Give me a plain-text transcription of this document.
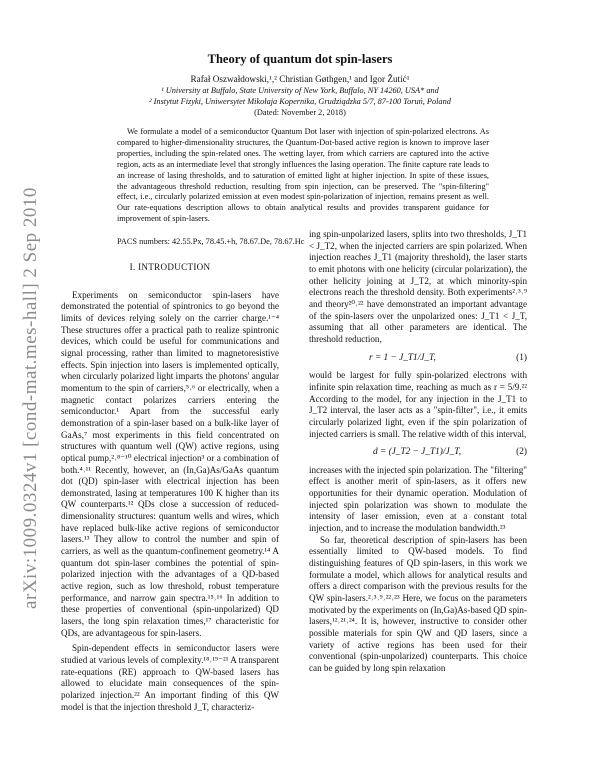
arXiv:1009.0324v1 [cond-mat.mes-hall] 2 Sep 2010
Theory of quantum dot spin-lasers
Rafał Oszwałdowski,¹,² Christian Gøthgen,¹ and Igor Žutić¹
¹ University at Buffalo, State University of New York, Buffalo, NY 14260, USA* and
² Instytut Fizyki, Uniwersytet Mikołaja Kopernika, Grudziądzka 5/7, 87-100 Toruń, Poland
(Dated: November 2, 2018)
We formulate a model of a semiconductor Quantum Dot laser with injection of spin-polarized electrons. As compared to higher-dimensionality structures, the Quantum-Dot-based active region is known to improve laser properties, including the spin-related ones. The wetting layer, from which carriers are captured into the active region, acts as an intermediate level that strongly influences the lasing operation. The finite capture rate leads to an increase of lasing thresholds, and to saturation of emitted light at higher injection. In spite of these issues, the advantageous threshold reduction, resulting from spin injection, can be preserved. The "spin-filtering" effect, i.e., circularly polarized emission at even modest spin-polarization of injection, remains present as well. Our rate-equations description allows to obtain analytical results and provides transparent guidance for improvement of spin-lasers.
PACS numbers: 42.55.Px, 78.45.+h, 78.67.De, 78.67.Hc
I. INTRODUCTION

Experiments on semiconductor spin-lasers have demonstrated the potential of spintronics to go beyond the limits of devices relying solely on the carrier charge.¹⁻⁴ These structures offer a practical path to realize spintronic devices, which could be useful for communications and signal processing, rather than limited to magnetoresistive effects. Spin injection into lasers is implemented optically, when circularly polarized light imparts the photons' angular momentum to the spin of carriers,⁵˒⁶ or electrically, when a magnetic contact polarizes carriers entering the semiconductor.¹ Apart from the successful early demonstration of a spin-laser based on a bulk-like layer of GaAs,⁷ most experiments in this field concentrated on structures with quantum well (QW) active regions, using optical pump,²˒⁸⁻¹⁰ electrical injection³ or a combination of both.⁴˒¹¹ Recently, however, an (In,Ga)As/GaAs quantum dot (QD) spin-laser with electrical injection has been demonstrated, lasing at temperatures 100 K higher than its QW counterparts.¹² QDs close a succession of reduced-dimensionality structures: quantum wells and wires, which have replaced bulk-like active regions of semiconductor lasers.¹³ They allow to control the number and spin of carriers, as well as the quantum-confinement geometry.¹⁴ A quantum dot spin-laser combines the potential of spin-polarized injection with the advantages of a QD-based active region, such as low threshold, robust temperature performance, and narrow gain spectra.¹⁵˒¹⁶ In addition to these properties of conventional (spin-unpolarized) QD lasers, the long spin relaxation times,¹⁷ characteristic for QDs, are advantageous for spin-lasers.

Spin-dependent effects in semiconductor lasers were studied at various levels of complexity.¹⁸˒¹⁹⁻²¹ A transparent rate-equations (RE) approach to QW-based lasers has allowed to elucidate main consequences of the spin-polarized injection.²² An important finding of this QW model is that the injection threshold J_T, characteriz-

ing spin-unpolarized lasers, splits into two thresholds, J_T1 < J_T2, when the injected carriers are spin polarized. When injection reaches J_T1 (majority threshold), the laser starts to emit photons with one helicity (circular polarization), the other helicity joining at J_T2, at which minority-spin electrons reach the threshold density. Both experiments²˒³˒⁹ and theory²⁰˒²² have demonstrated an important advantage of the spin-lasers over the unpolarized ones: J_T1 < J_T, assuming that all other parameters are identical. The threshold reduction,

r = 1 − J_T1/J_T,	(1)

would be largest for fully spin-polarized electrons with infinite spin relaxation time, reaching as much as r = 5/9.²² According to the model, for any injection in the J_T1 to J_T2 interval, the laser acts as a "spin-filter", i.e., it emits circularly polarized light, even if the spin polarization of injected carriers is small. The relative width of this interval,

d = (J_T2 − J_T1)/J_T,	(2)

increases with the injected spin polarization. The "filtering" effect is another merit of spin-lasers, as it offers new opportunities for their dynamic operation. Modulation of injected spin polarization was shown to modulate the intensity of laser emission, even at a constant total injection, and to increase the modulation bandwidth.²³

So far, theoretical description of spin-lasers has been essentially limited to QW-based models. To find distinguishing features of QD spin-lasers, in this work we formulate a model, which allows for analytical results and offers a direct comparison with the previous results for the QW spin-lasers.²˒³˒⁹˒²²˒²³ Here, we focus on the parameters motivated by the experiments on (In,Ga)As-based QD spin-lasers,¹²˒²¹˒²⁴. It is, however, instructive to consider other possible materials for spin QW and QD lasers, since a variety of active regions has been used for their conventional (spin-unpolarized) counterparts. This choice can be guided by long spin relaxation
